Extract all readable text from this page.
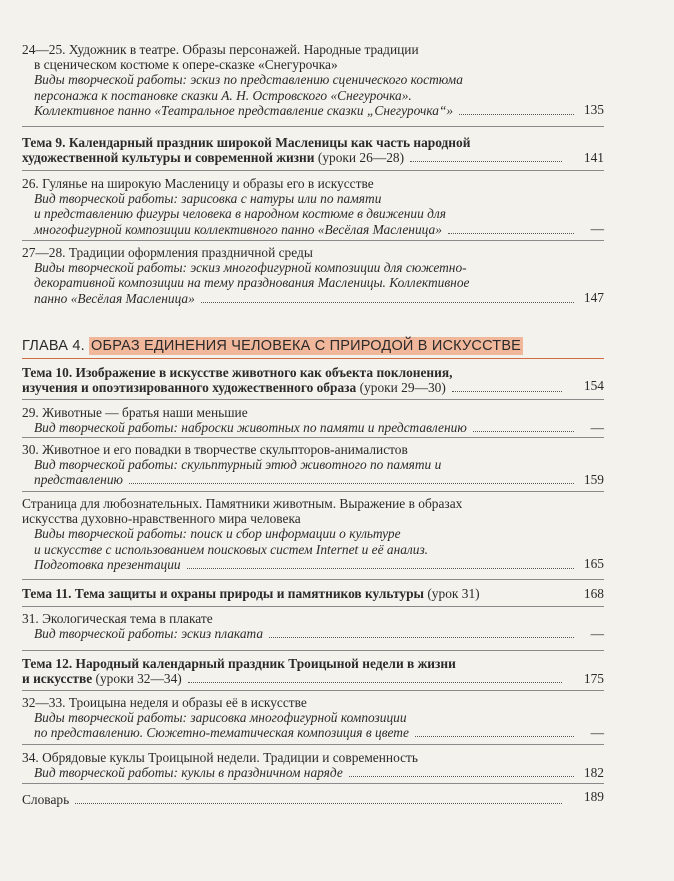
24—25. Художник в театре. Образы персонажей. Народные традиции
в сценическом костюме к опере-сказке «Снегурочка»
Виды творческой работы: эскиз по представлению сценического костюма
персонажа к постановке сказки А. Н. Островского «Снегурочка».
Коллективное панно «Театральное представление сказки „Снегурочка“»	135
Тема 9. Календарный праздник широкой Масленицы как часть народной
художественной культуры и современной жизни
(уроки 26—28)	141
26. Гулянье на широкую Масленицу и образы его в искусстве
Вид творческой работы: зарисовка с натуры или по памяти
и представлению фигуры человека в народном костюме в движении для
многофигурной композиции коллективного панно «Весёлая Масленица»	—
27—28. Традиции оформления праздничной среды
Виды творческой работы: эскиз многофигурной композиции для сюжетно-
декоративной композиции на тему празднования Масленицы. Коллективное
панно «Весёлая Масленица»	147
ГЛАВА 4. ОБРАЗ ЕДИНЕНИЯ ЧЕЛОВЕКА С ПРИРОДОЙ В ИСКУССТВЕ
Тема 10. Изображение в искусстве животного как объекта поклонения,
изучения и опоэтизированного художественного образа
(уроки 29—30)	154
29. Животные — братья наши меньшие
Вид творческой работы: наброски животных по памяти и представлению	—
30. Животное и его повадки в творчестве скульпторов-анималистов
Вид творческой работы: скульптурный этюд животного по памяти и
представлению	159
Страница для любознательных. Памятники животным. Выражение в образах
искусства духовно-нравственного мира человека
Виды творческой работы: поиск и сбор информации о культуре
и искусстве с использованием поисковых систем Internet и её анализ.
Подготовка презентации	165
Тема 11. Тема защиты и охраны природы и памятников культуры
(урок 31)	168
31. Экологическая тема в плакате
Вид творческой работы: эскиз плаката	—
Тема 12. Народный календарный праздник Троицыной недели в жизни
и искусстве
(уроки 32—34)	175
32—33. Троицына неделя и образы её в искусстве
Виды творческой работы: зарисовка многофигурной композиции
по представлению. Сюжетно-тематическая композиция в цвете	—
34. Обрядовые куклы Троицыной недели. Традиции и современность
Вид творческой работы: куклы в праздничном наряде	182
Словарь	189
